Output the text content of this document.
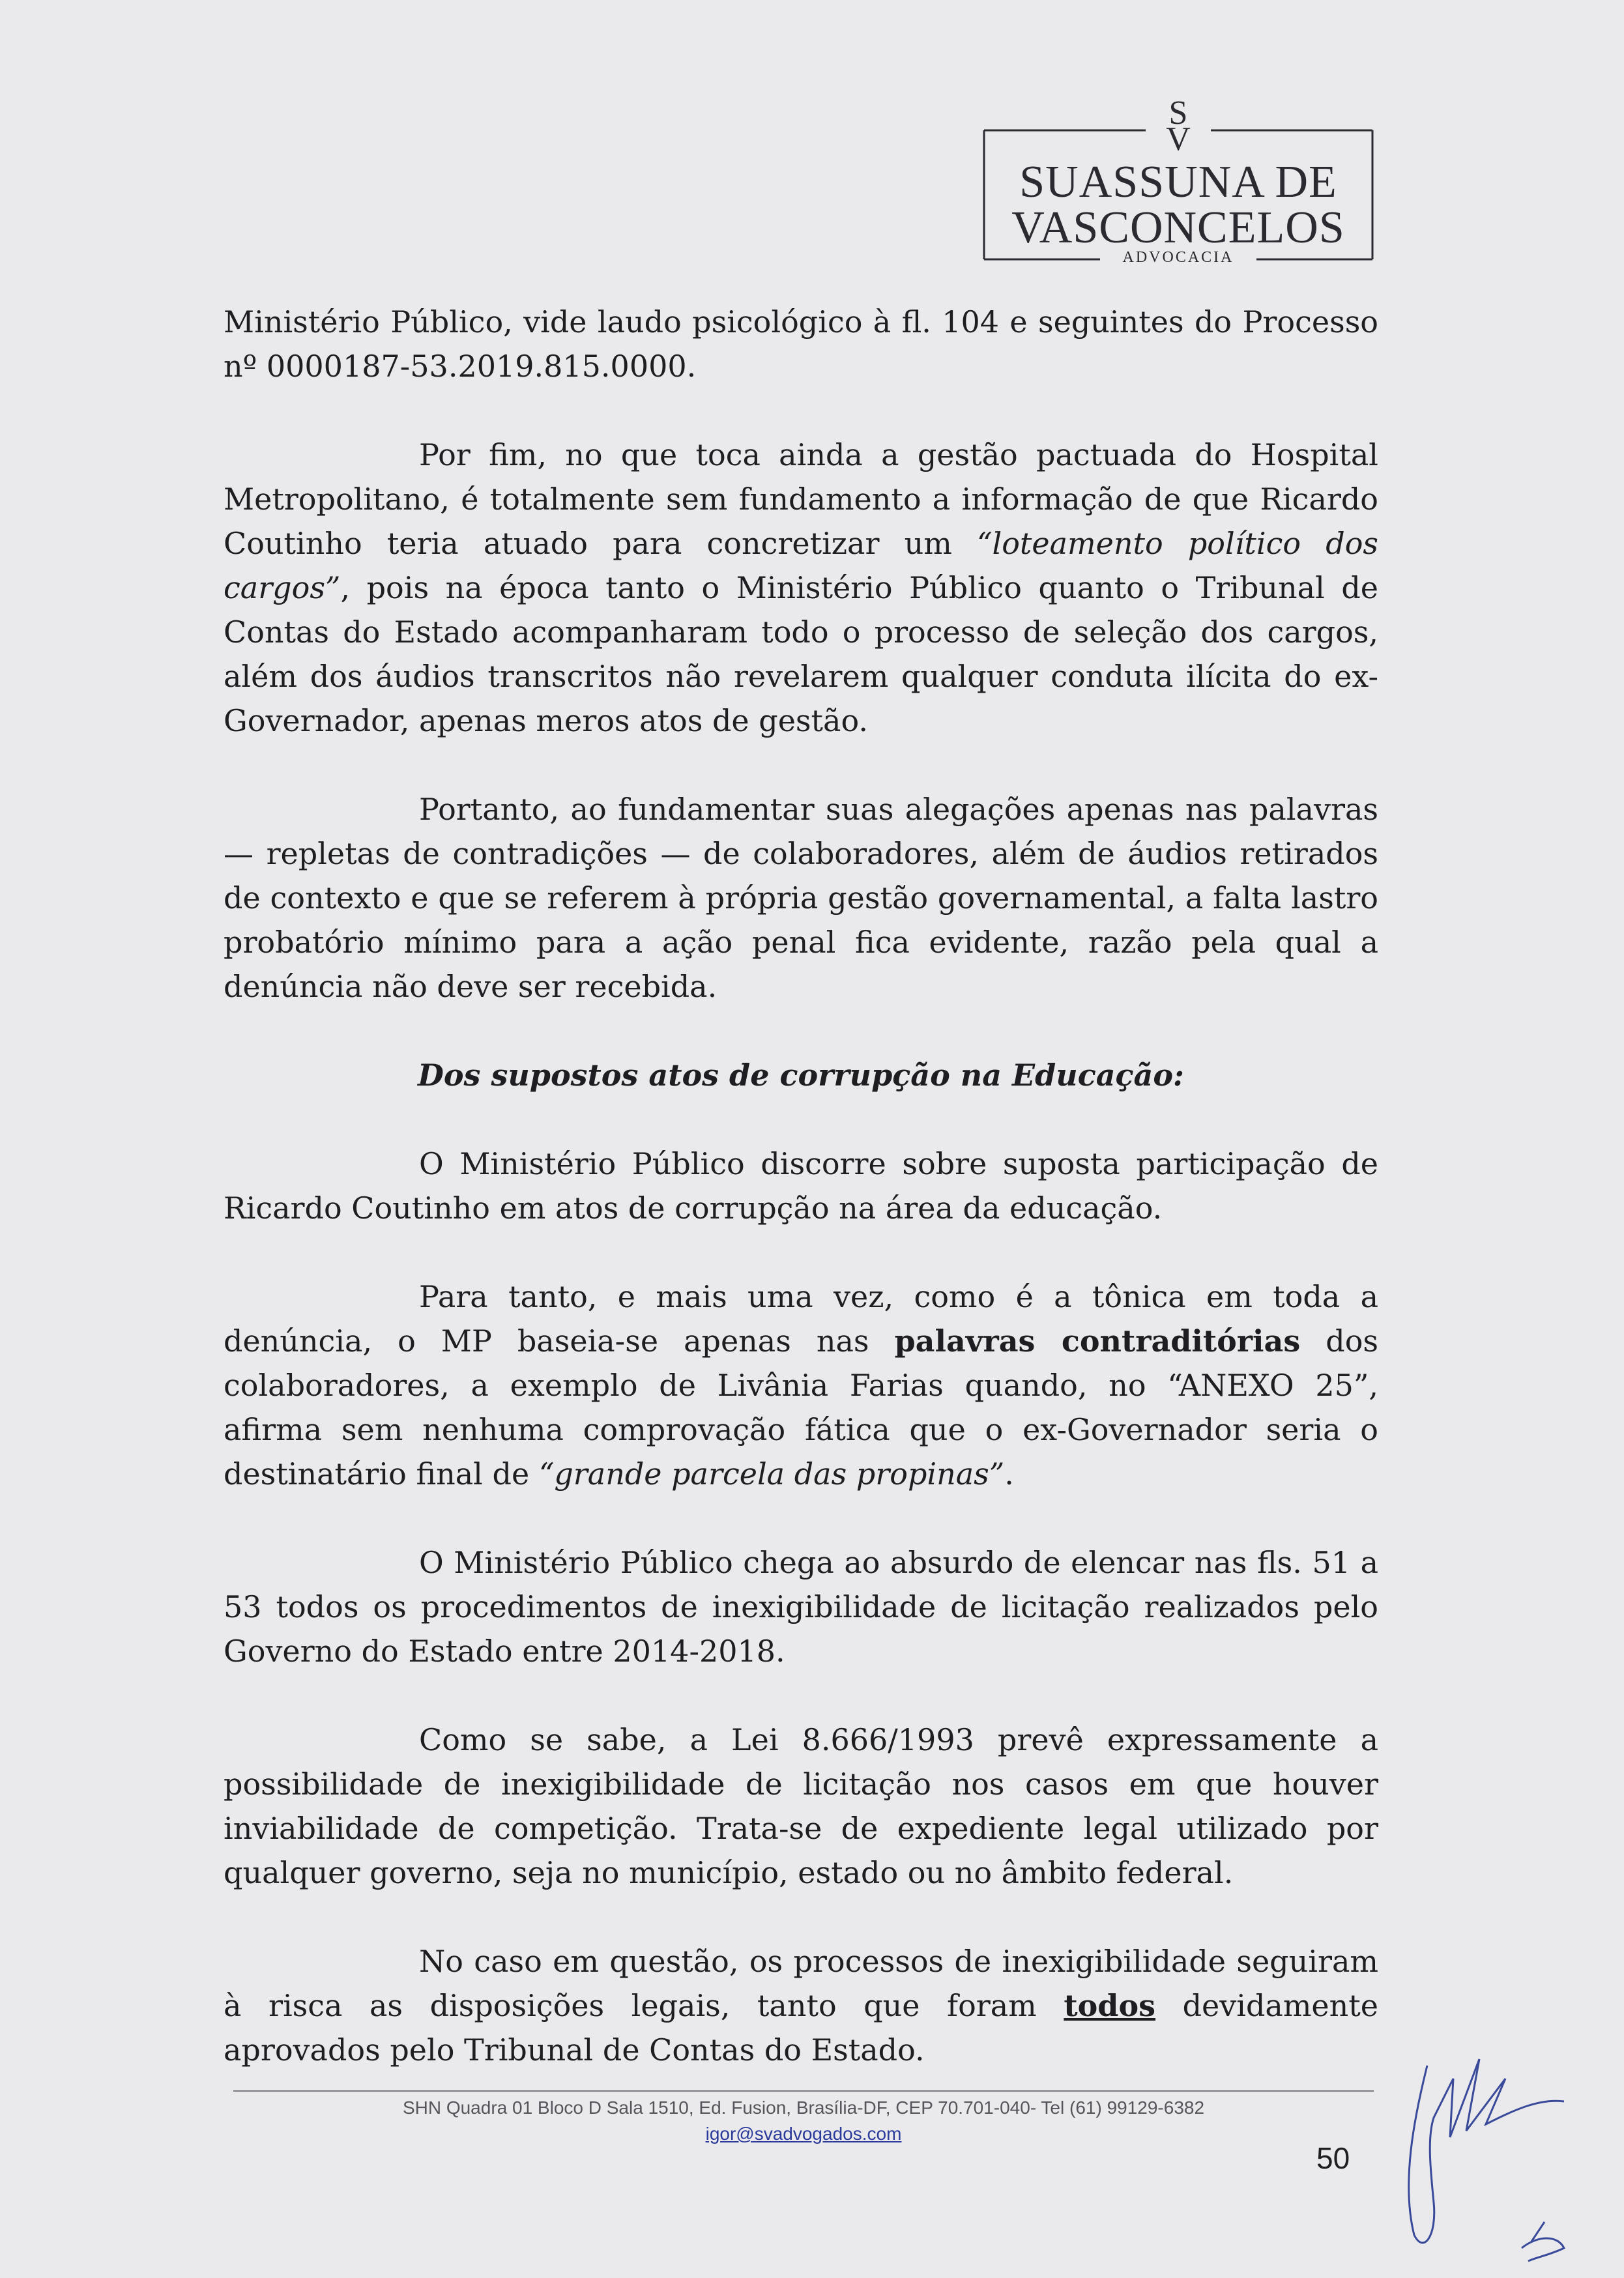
S
V
SUASSUNA DE
VASCONCELOS
ADVOCACIA

Ministério Público, vide laudo psicológico à fl. 104 e seguintes do Processo nº 0000187-53.2019.815.0000.

Por fim, no que toca ainda a gestão pactuada do Hospital Metropolitano, é totalmente sem fundamento a informação de que Ricardo Coutinho teria atuado para concretizar um “loteamento político dos cargos”, pois na época tanto o Ministério Público quanto o Tribunal de Contas do Estado acompanharam todo o processo de seleção dos cargos, além dos áudios transcritos não revelarem qualquer conduta ilícita do ex-Governador, apenas meros atos de gestão.

Portanto, ao fundamentar suas alegações apenas nas palavras — repletas de contradições — de colaboradores, além de áudios retirados de contexto e que se referem à própria gestão governamental, a falta lastro probatório mínimo para a ação penal fica evidente, razão pela qual a denúncia não deve ser recebida.

Dos supostos atos de corrupção na Educação:

O Ministério Público discorre sobre suposta participação de Ricardo Coutinho em atos de corrupção na área da educação.

Para tanto, e mais uma vez, como é a tônica em toda a denúncia, o MP baseia-se apenas nas palavras contraditórias dos colaboradores, a exemplo de Livânia Farias quando, no “ANEXO 25”, afirma sem nenhuma comprovação fática que o ex-Governador seria o destinatário final de “grande parcela das propinas”.

O Ministério Público chega ao absurdo de elencar nas fls. 51 a 53 todos os procedimentos de inexigibilidade de licitação realizados pelo Governo do Estado entre 2014-2018.

Como se sabe, a Lei 8.666/1993 prevê expressamente a possibilidade de inexigibilidade de licitação nos casos em que houver inviabilidade de competição. Trata-se de expediente legal utilizado por qualquer governo, seja no município, estado ou no âmbito federal.

No caso em questão, os processos de inexigibilidade seguiram à risca as disposições legais, tanto que foram todos devidamente aprovados pelo Tribunal de Contas do Estado.

SHN Quadra 01 Bloco D Sala 1510, Ed. Fusion, Brasília-DF, CEP 70.701-040- Tel (61) 99129-6382
igor@svadvogados.com
50
